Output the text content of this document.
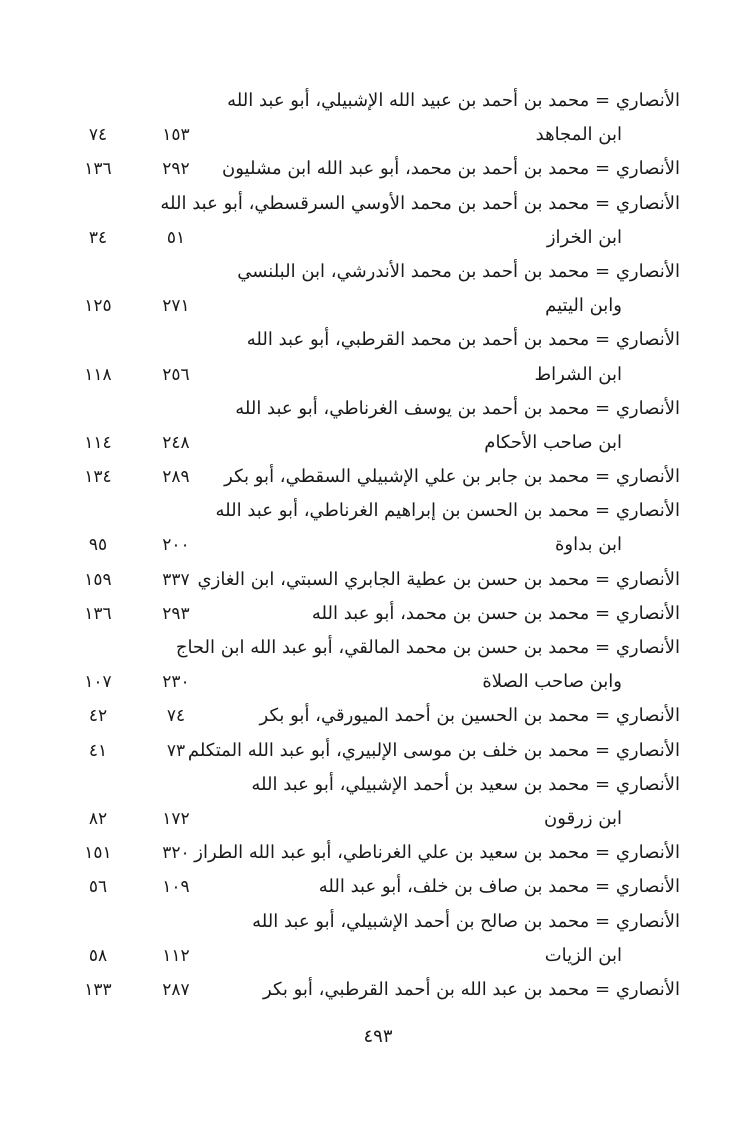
الأنصاري = محمد بن أحمد بن عبيد الله الإشبيلي، أبو عبد الله
ابن المجاهد
١٥٣
٧٤
الأنصاري = محمد بن أحمد بن محمد، أبو عبد الله ابن مشليون
٢٩٢
١٣٦
الأنصاري = محمد بن أحمد بن محمد الأوسي السرقسطي، أبو عبد الله
ابن الخراز
٥١
٣٤
الأنصاري = محمد بن أحمد بن محمد الأندرشي، ابن البلنسي
وابن اليتيم
٢٧١
١٢٥
الأنصاري = محمد بن أحمد بن محمد القرطبي، أبو عبد الله
ابن الشراط
٢٥٦
١١٨
الأنصاري = محمد بن أحمد بن يوسف الغرناطي، أبو عبد الله
ابن صاحب الأحكام
٢٤٨
١١٤
الأنصاري = محمد بن جابر بن علي الإشبيلي السقطي، أبو بكر
٢٨٩
١٣٤
الأنصاري = محمد بن الحسن بن إبراهيم الغرناطي، أبو عبد الله
ابن بداوة
٢٠٠
٩٥
الأنصاري = محمد بن حسن بن عطية الجابري السبتي، ابن الغازي
٣٣٧
١٥٩
الأنصاري = محمد بن حسن بن محمد، أبو عبد الله
٢٩٣
١٣٦
الأنصاري = محمد بن حسن بن محمد المالقي، أبو عبد الله ابن الحاج
وابن صاحب الصلاة
٢٣٠
١٠٧
الأنصاري = محمد بن الحسين بن أحمد الميورقي، أبو بكر
٧٤
٤٢
الأنصاري = محمد بن خلف بن موسى الإلبيري، أبو عبد الله المتكلم
٧٣
٤١
الأنصاري = محمد بن سعيد بن أحمد الإشبيلي، أبو عبد الله
ابن زرقون
١٧٢
٨٢
الأنصاري = محمد بن سعيد بن علي الغرناطي، أبو عبد الله الطراز
٣٢٠
١٥١
الأنصاري = محمد بن صاف بن خلف، أبو عبد الله
١٠٩
٥٦
الأنصاري = محمد بن صالح بن أحمد الإشبيلي، أبو عبد الله
ابن الزيات
١١٢
٥٨
الأنصاري = محمد بن عبد الله بن أحمد القرطبي، أبو بكر
٢٨٧
١٣٣
٤٩٣
